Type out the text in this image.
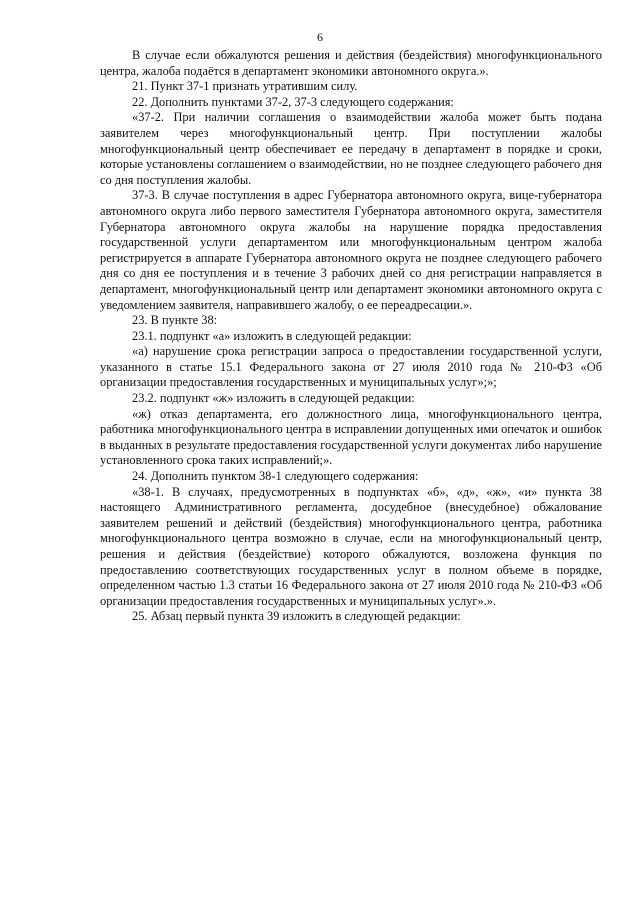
6

В случае если обжалуются решения и действия (бездействия) многофункционального центра, жалоба подаётся в департамент экономики автономного округа.».

21. Пункт 37-1 признать утратившим силу.

22. Дополнить пунктами 37-2, 37-3 следующего содержания:

«37-2. При наличии соглашения о взаимодействии жалоба может быть подана заявителем через многофункциональный центр. При поступлении жалобы многофункциональный центр обеспечивает ее передачу в департамент в порядке и сроки, которые установлены соглашением о взаимодействии, но не позднее следующего рабочего дня со дня поступления жалобы.

37-3. В случае поступления в адрес Губернатора автономного округа, вице-губернатора автономного округа либо первого заместителя Губернатора автономного округа, заместителя Губернатора автономного округа жалобы на нарушение порядка предоставления государственной услуги департаментом или многофункциональным центром жалоба регистрируется в аппарате Губернатора автономного округа не позднее следующего рабочего дня со дня ее поступления и в течение 3 рабочих дней со дня регистрации направляется в департамент, многофункциональный центр или департамент экономики автономного округа с уведомлением заявителя, направившего жалобу, о ее переадресации.».

23. В пункте 38:

23.1. подпункт «а» изложить в следующей редакции:

«а) нарушение срока регистрации запроса о предоставлении государственной услуги, указанного в статье 15.1 Федерального закона от 27 июля 2010 года № 210-ФЗ «Об организации предоставления государственных и муниципальных услуг»;»;

23.2. подпункт «ж» изложить в следующей редакции:

«ж) отказ департамента, его должностного лица, многофункционального центра, работника многофункционального центра в исправлении допущенных ими опечаток и ошибок в выданных в результате предоставления государственной услуги документах либо нарушение установленного срока таких исправлений;».

24. Дополнить пунктом 38-1 следующего содержания:

«38-1. В случаях, предусмотренных в подпунктах «б», «д», «ж», «и» пункта 38 настоящего Административного регламента, досудебное (внесудебное) обжалование заявителем решений и действий (бездействия) многофункционального центра, работника многофункционального центра возможно в случае, если на многофункциональный центр, решения и действия (бездействие) которого обжалуются, возложена функция по предоставлению соответствующих государственных услуг в полном объеме в порядке, определенном частью 1.3 статьи 16 Федерального закона от 27 июля 2010 года № 210-ФЗ «Об организации предоставления государственных и муниципальных услуг».».

25. Абзац первый пункта 39 изложить в следующей редакции:
